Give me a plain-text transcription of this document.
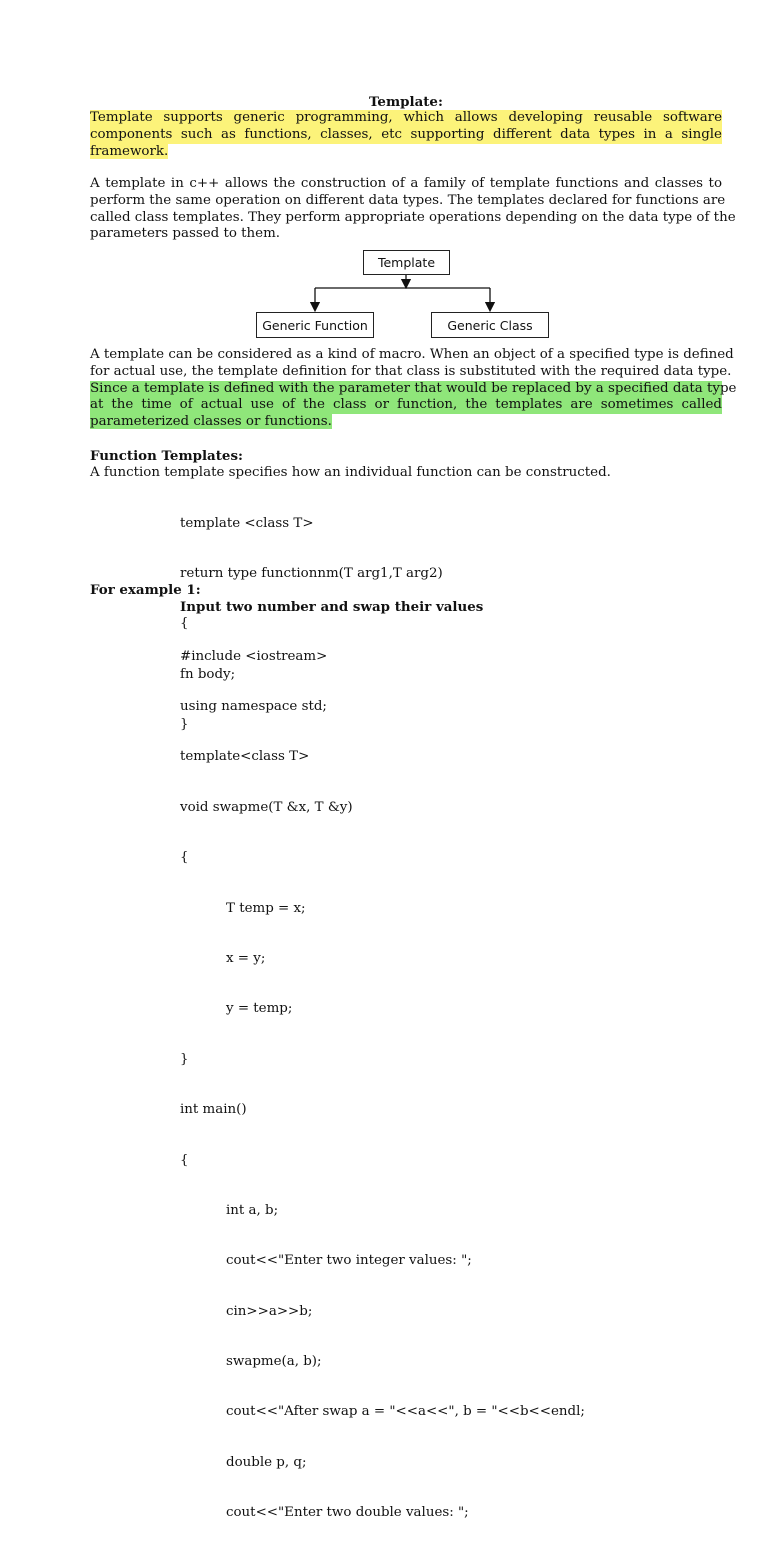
Template:
Template supports generic programming, which allows developing reusable software
components such as functions, classes, etc supporting different data types in a single
framework.
A template in c++ allows the construction of a family of template functions and classes to
perform the same operation on different data types. The templates declared for functions are
called class templates. They perform appropriate operations depending on the data type of the
parameters passed to them.
Template
Generic Function	Generic Class
A template can be considered as a kind of macro. When an object of a specified type is defined
for actual use, the template definition for that class is substituted with the required data type.
Since a template is defined with the parameter that would be replaced by a specified data type
at the time of actual use of the class or function, the templates are sometimes called
parameterized classes or functions.
Function Templates:
A function template specifies how an individual function can be constructed.

template <class T>

return type functionnm(T arg1,T arg2)

{

fn body;

}

For example 1:
Input two number and swap their values

#include <iostream>

using namespace std;

template<class T>

void swapme(T &x, T &y)

{

T temp = x;

x = y;

y = temp;

}

int main()

{

int a, b;

cout<<"Enter two integer values: ";

cin>>a>>b;

swapme(a, b);

cout<<"After swap a = "<<a<<", b = "<<b<<endl;

double p, q;

cout<<"Enter two double values: ";
